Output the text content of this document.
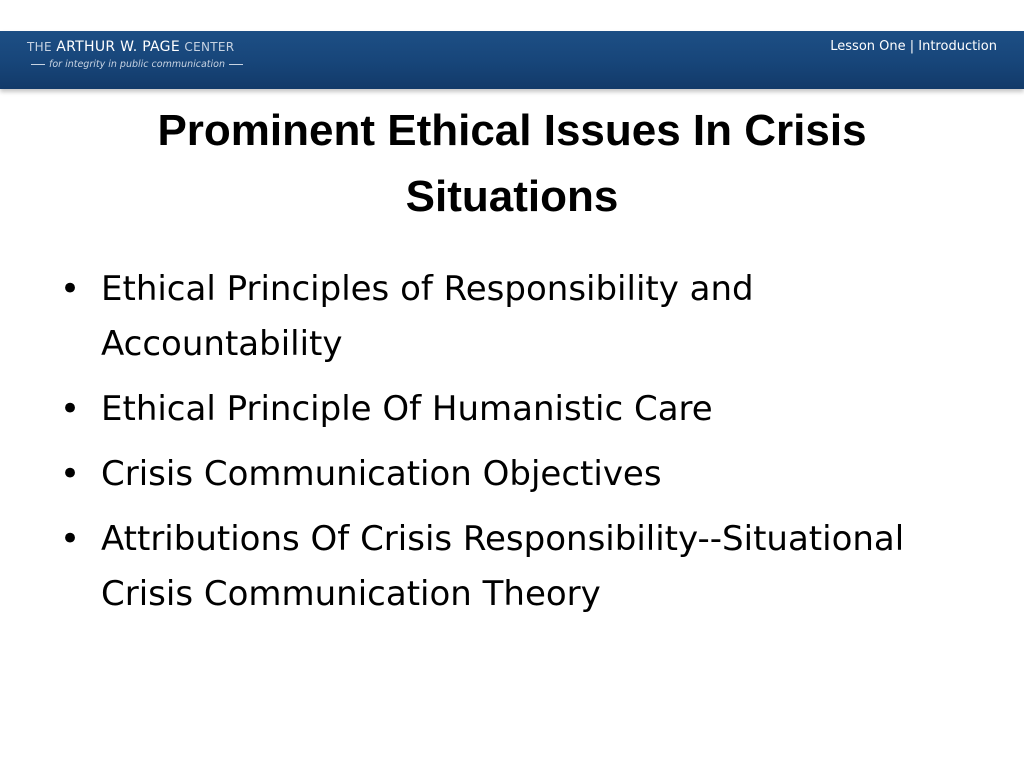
THE ARTHUR W. PAGE CENTER
for integrity in public communication
Lesson One | Introduction
Prominent Ethical Issues In Crisis Situations
• Ethical Principles of Responsibility and Accountability
• Ethical Principle Of Humanistic Care
• Crisis Communication Objectives
• Attributions Of Crisis Responsibility--Situational Crisis Communication Theory
